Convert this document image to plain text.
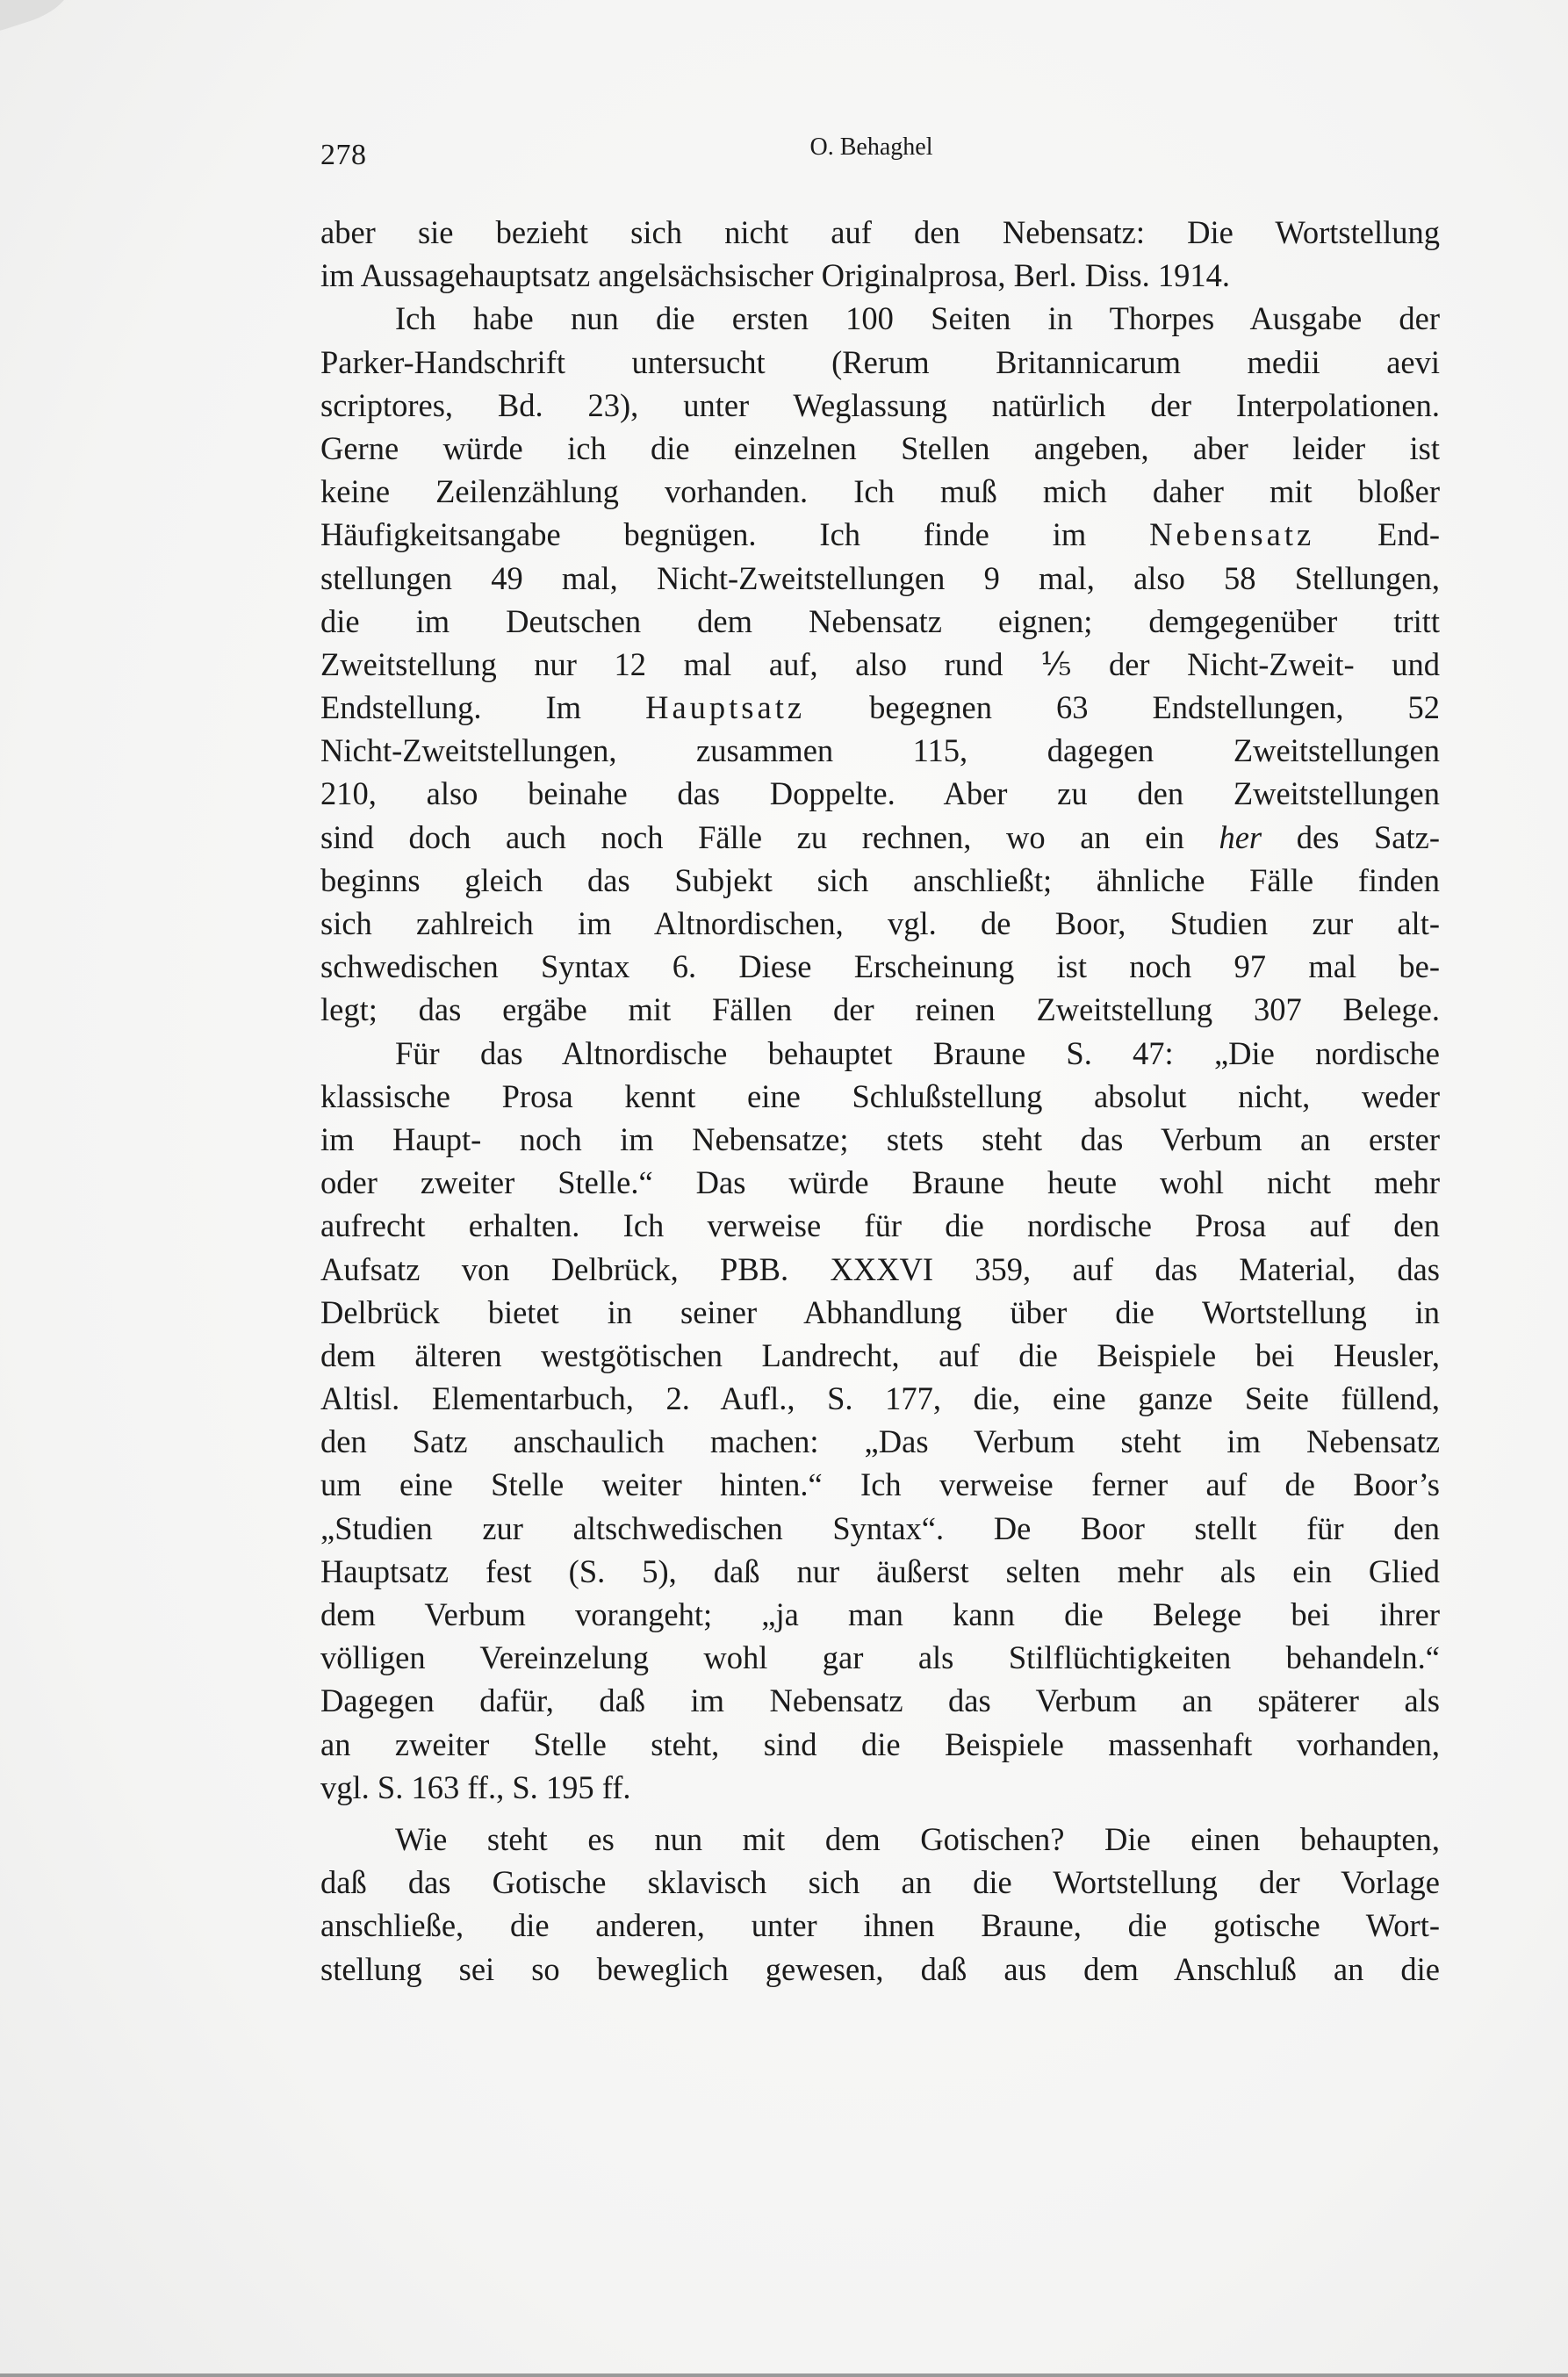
278	O. Behaghel
aber sie bezieht sich nicht auf den Nebensatz: Die Wortstellung
im Aussagehauptsatz angelsächsischer Originalprosa, Berl. Diss. 1914.
Ich habe nun die ersten 100 Seiten in Thorpes Ausgabe der
Parker-Handschrift untersucht (Rerum Britannicarum medii aevi
scriptores, Bd. 23), unter Weglassung natürlich der Interpolationen.
Gerne würde ich die einzelnen Stellen angeben, aber leider ist
keine Zeilenzählung vorhanden. Ich muß mich daher mit bloßer
Häufigkeitsangabe begnügen. Ich finde im Nebensatz End-
stellungen 49 mal, Nicht-Zweitstellungen 9 mal, also 58 Stellungen,
die im Deutschen dem Nebensatz eignen; demgegenüber tritt
Zweitstellung nur 12 mal auf, also rund ⅕ der Nicht-Zweit- und
Endstellung. Im Hauptsatz begegnen 63 Endstellungen, 52
Nicht-Zweitstellungen, zusammen 115, dagegen Zweitstellungen
210, also beinahe das Doppelte. Aber zu den Zweitstellungen
sind doch auch noch Fälle zu rechnen, wo an ein her des Satz-
beginns gleich das Subjekt sich anschließt; ähnliche Fälle finden
sich zahlreich im Altnordischen, vgl. de Boor, Studien zur alt-
schwedischen Syntax 6. Diese Erscheinung ist noch 97 mal be-
legt; das ergäbe mit Fällen der reinen Zweitstellung 307 Belege.
Für das Altnordische behauptet Braune S. 47: „Die nordische
klassische Prosa kennt eine Schlußstellung absolut nicht, weder
im Haupt- noch im Nebensatze; stets steht das Verbum an erster
oder zweiter Stelle.“ Das würde Braune heute wohl nicht mehr
aufrecht erhalten. Ich verweise für die nordische Prosa auf den
Aufsatz von Delbrück, PBB. XXXVI 359, auf das Material, das
Delbrück bietet in seiner Abhandlung über die Wortstellung in
dem älteren westgötischen Landrecht, auf die Beispiele bei Heusler,
Altisl. Elementarbuch, 2. Aufl., S. 177, die, eine ganze Seite füllend,
den Satz anschaulich machen: „Das Verbum steht im Nebensatz
um eine Stelle weiter hinten.“ Ich verweise ferner auf de Boor’s
„Studien zur altschwedischen Syntax“. De Boor stellt für den
Hauptsatz fest (S. 5), daß nur äußerst selten mehr als ein Glied
dem Verbum vorangeht; „ja man kann die Belege bei ihrer
völligen Vereinzelung wohl gar als Stilflüchtigkeiten behandeln.“
Dagegen dafür, daß im Nebensatz das Verbum an späterer als
an zweiter Stelle steht, sind die Beispiele massenhaft vorhanden,
vgl. S. 163 ff., S. 195 ff.
Wie steht es nun mit dem Gotischen? Die einen behaupten,
daß das Gotische sklavisch sich an die Wortstellung der Vorlage
anschließe, die anderen, unter ihnen Braune, die gotische Wort-
stellung sei so beweglich gewesen, daß aus dem Anschluß an die
